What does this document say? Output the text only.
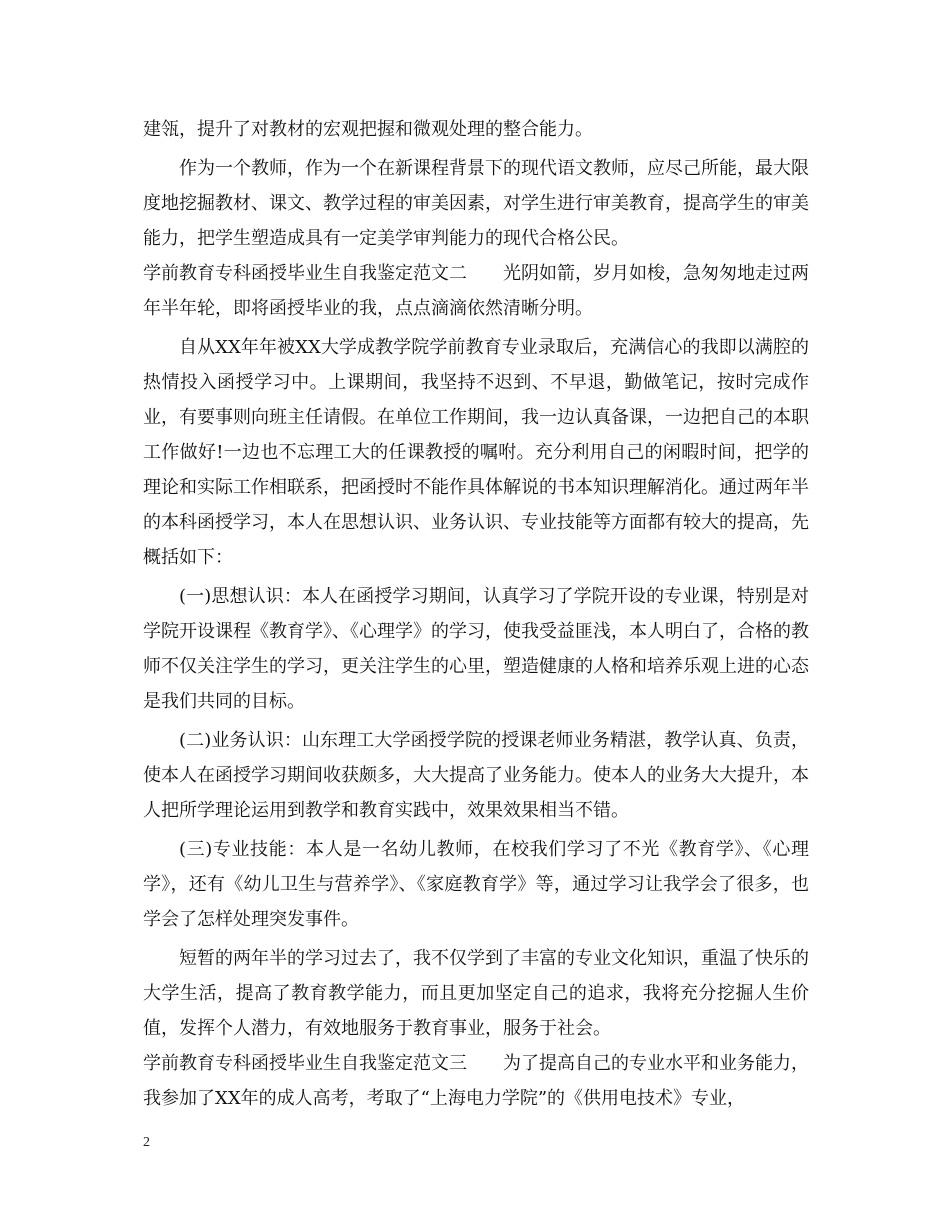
建瓴，提升了对教材的宏观把握和微观处理的整合能力。

作为一个教师，作为一个在新课程背景下的现代语文教师，应尽己所能，最大限度地挖掘教材、课文、教学过程的审美因素，对学生进行审美教育，提高学生的审美能力，把学生塑造成具有一定美学审判能力的现代合格公民。

学前教育专科函授毕业生自我鉴定范文二　　光阴如箭，岁月如梭，急匆匆地走过两年半年轮，即将函授毕业的我，点点滴滴依然清晰分明。

自从XX年年被XX大学成教学院学前教育专业录取后，充满信心的我即以满腔的热情投入函授学习中。上课期间，我坚持不迟到、不早退，勤做笔记，按时完成作业，有要事则向班主任请假。在单位工作期间，我一边认真备课，一边把自己的本职工作做好!一边也不忘理工大的任课教授的嘱咐。充分利用自己的闲暇时间，把学的理论和实际工作相联系，把函授时不能作具体解说的书本知识理解消化。通过两年半的本科函授学习，本人在思想认识、业务认识、专业技能等方面都有较大的提高，先概括如下：

(一)思想认识：本人在函授学习期间，认真学习了学院开设的专业课，特别是对学院开设课程《教育学》、《心理学》的学习，使我受益匪浅，本人明白了，合格的教师不仅关注学生的学习，更关注学生的心里，塑造健康的人格和培养乐观上进的心态是我们共同的目标。

(二)业务认识：山东理工大学函授学院的授课老师业务精湛，教学认真、负责，使本人在函授学习期间收获颇多，大大提高了业务能力。使本人的业务大大提升，本人把所学理论运用到教学和教育实践中，效果效果相当不错。

(三)专业技能：本人是一名幼儿教师，在校我们学习了不光《教育学》、《心理学》，还有《幼儿卫生与营养学》、《家庭教育学》等，通过学习让我学会了很多，也学会了怎样处理突发事件。

短暂的两年半的学习过去了，我不仅学到了丰富的专业文化知识，重温了快乐的大学生活，提高了教育教学能力，而且更加坚定自己的追求，我将充分挖掘人生价值，发挥个人潜力，有效地服务于教育事业，服务于社会。

学前教育专科函授毕业生自我鉴定范文三　　为了提高自己的专业水平和业务能力，我参加了XX年的成人高考，考取了“上海电力学院”的《供用电技术》专业，

2
